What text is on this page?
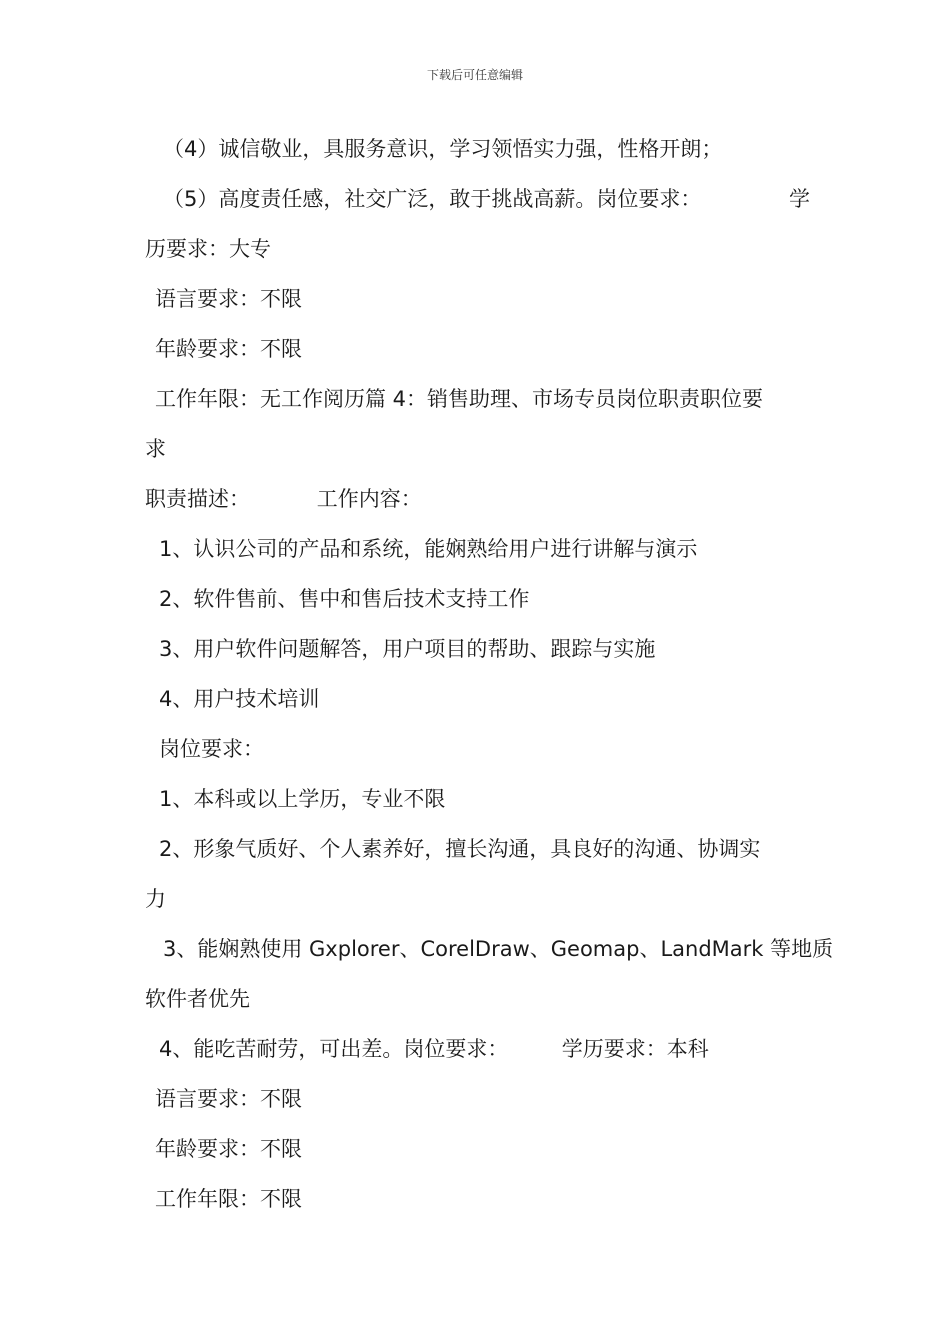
下载后可任意编辑
（4）诚信敬业，具服务意识，学习领悟实力强，性格开朗；
（5）高度责任感，社交广泛，敢于挑战高薪。岗位要求：	学
历要求：大专
语言要求：不限
年龄要求：不限
工作年限：无工作阅历篇 4：销售助理、市场专员岗位职责职位要
求
职责描述：          工作内容：
1、认识公司的产品和系统，能娴熟给用户进行讲解与演示
2、软件售前、售中和售后技术支持工作
3、用户软件问题解答，用户项目的帮助、跟踪与实施
4、用户技术培训
岗位要求：
1、本科或以上学历，专业不限
2、形象气质好、个人素养好，擅长沟通，具良好的沟通、协调实
力
3、能娴熟使用 Gxplorer、CorelDraw、Geomap、LandMark 等地质
软件者优先
4、能吃苦耐劳，可出差。岗位要求：        学历要求：本科
语言要求：不限
年龄要求：不限
工作年限：不限
